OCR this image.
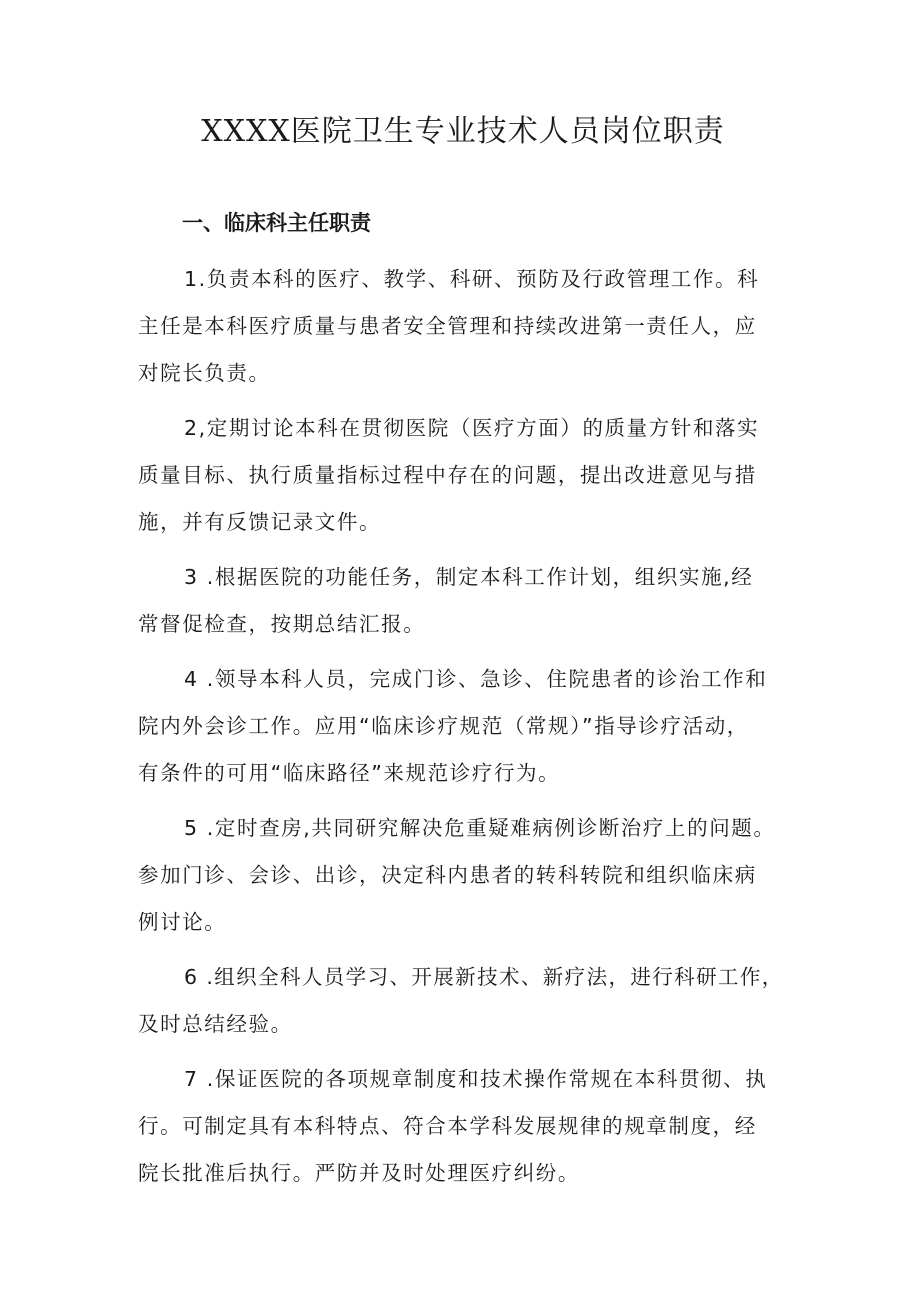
XXXX医院卫生专业技术人员岗位职责
一、临床科主任职责
1.负责本科的医疗、教学、科研、预防及行政管理工作。科
主任是本科医疗质量与患者安全管理和持续改进第一责任人，应
对院长负责。
2,定期讨论本科在贯彻医院（医疗方面）的质量方针和落实
质量目标、执行质量指标过程中存在的问题，提出改进意见与措
施，并有反馈记录文件。
3 .根据医院的功能任务，制定本科工作计划，组织实施,经
常督促检查，按期总结汇报。
4 .领导本科人员，完成门诊、急诊、住院患者的诊治工作和
院内外会诊工作。应用“临床诊疗规范（常规）”指导诊疗活动，
有条件的可用“临床路径”来规范诊疗行为。
5 .定时查房,共同研究解决危重疑难病例诊断治疗上的问题。
参加门诊、会诊、出诊，决定科内患者的转科转院和组织临床病
例讨论。
6 .组织全科人员学习、开展新技术、新疗法，进行科研工作，
及时总结经验。
7 .保证医院的各项规章制度和技术操作常规在本科贯彻、执
行。可制定具有本科特点、符合本学科发展规律的规章制度，经
院长批准后执行。严防并及时处理医疗纠纷。
